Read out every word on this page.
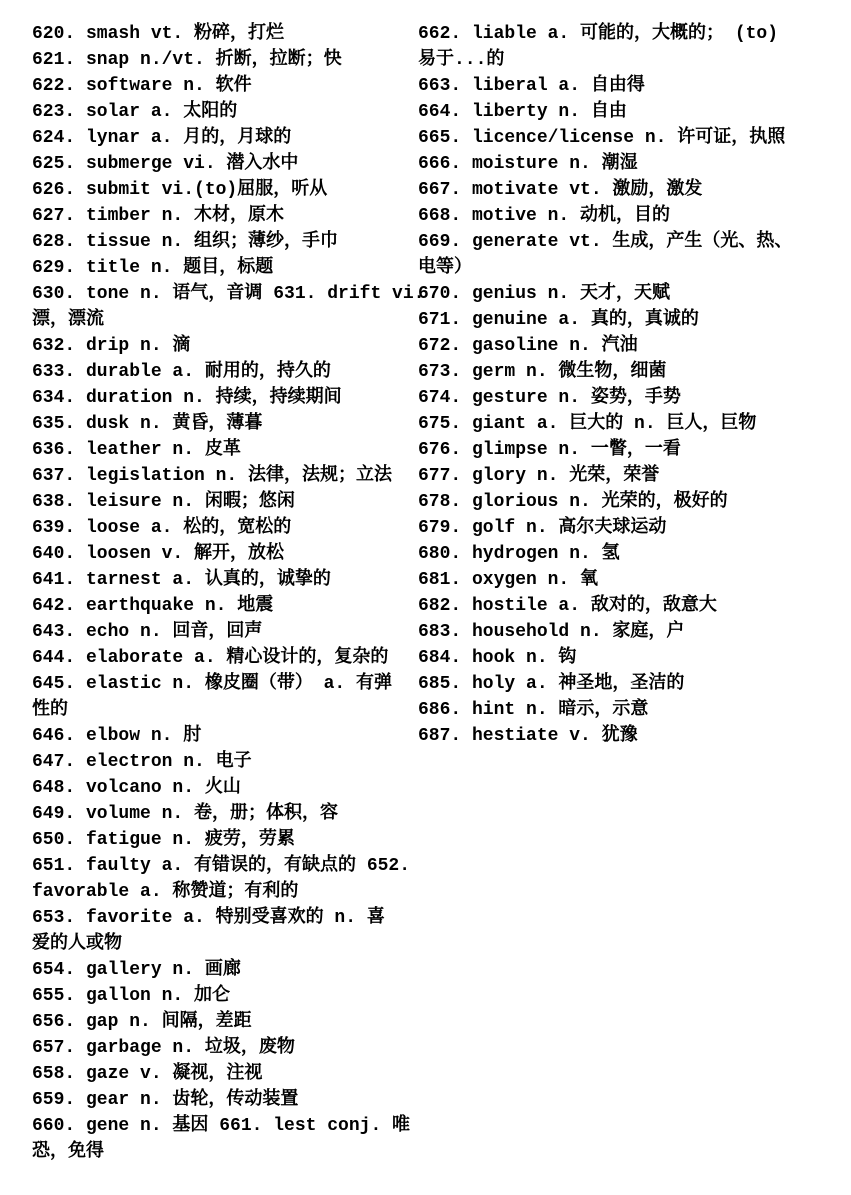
620. smash vt. 粉碎，打烂
621. snap n./vt. 折断，拉断；快
622. software n. 软件
623. solar a. 太阳的
624. lynar a. 月的，月球的
625. submerge vi. 潜入水中
626. submit vi.(to)屈服，听从
627. timber n. 木材，原木
628. tissue n. 组织；薄纱，手巾
629. title n. 题目，标题
630. tone n. 语气，音调 631. drift vi.
漂，漂流
632. drip n. 滴
633. durable a. 耐用的，持久的
634. duration n. 持续，持续期间
635. dusk n. 黄昏，薄暮
636. leather n. 皮革
637. legislation n. 法律，法规；立法
638. leisure n. 闲暇；悠闲
639. loose a. 松的，宽松的
640. loosen v. 解开，放松
641. tarnest a. 认真的，诚挚的
642. earthquake n. 地震
643. echo n. 回音，回声
644. elaborate a. 精心设计的，复杂的
645. elastic n. 橡皮圈（带） a. 有弹
性的
646. elbow n. 肘
647. electron n. 电子
648. volcano n. 火山
649. volume n. 卷，册；体积，容
650. fatigue n. 疲劳，劳累
651. faulty a. 有错误的，有缺点的 652.
favorable a. 称赞道；有利的
653. favorite a. 特别受喜欢的 n. 喜
爱的人或物
654. gallery n. 画廊
655. gallon n. 加仑
656. gap n. 间隔，差距
657. garbage n. 垃圾，废物
658. gaze v. 凝视，注视
659. gear n. 齿轮，传动装置
660. gene n. 基因 661. lest conj. 唯
恐，免得
662. liable a. 可能的，大概的； (to)
易于...的
663. liberal a. 自由得
664. liberty n. 自由
665. licence/license n. 许可证，执照
666. moisture n. 潮湿
667. motivate vt. 激励，激发
668. motive n. 动机，目的
669. generate vt. 生成，产生（光、热、
电等）
670. genius n. 天才，天赋
671. genuine a. 真的，真诚的
672. gasoline n. 汽油
673. germ n. 微生物，细菌
674. gesture n. 姿势，手势
675. giant a. 巨大的 n. 巨人，巨物
676. glimpse n. 一瞥，一看
677. glory n. 光荣，荣誉
678. glorious n. 光荣的，极好的
679. golf n. 高尔夫球运动
680. hydrogen n. 氢
681. oxygen n. 氧
682. hostile a. 敌对的，敌意大
683. household n. 家庭，户
684. hook n. 钩
685. holy a. 神圣地，圣洁的
686. hint n. 暗示，示意
687. hestiate v. 犹豫
